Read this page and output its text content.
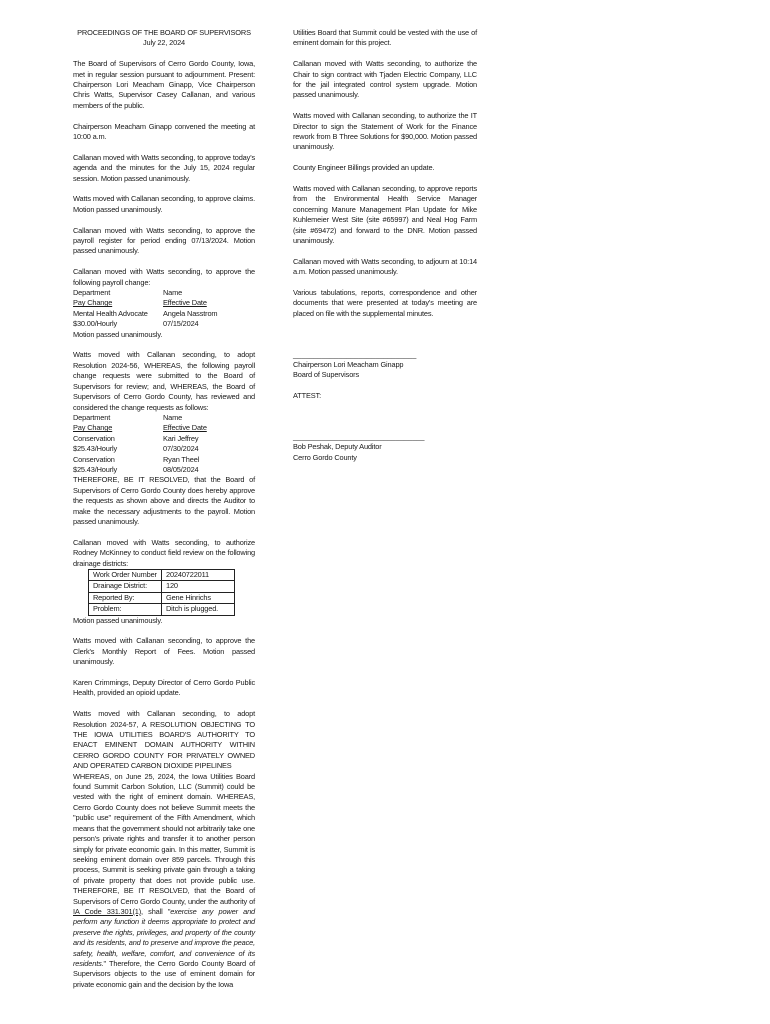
PROCEEDINGS OF THE BOARD OF SUPERVISORS
July 22, 2024

The Board of Supervisors of Cerro Gordo County, Iowa, met in regular session pursuant to adjournment. Present: Chairperson Lori Meacham Ginapp, Vice Chairperson Chris Watts, Supervisor Casey Callanan, and various members of the public.

Chairperson Meacham Ginapp convened the meeting at 10:00 a.m.

Callanan moved with Watts seconding, to approve today's agenda and the minutes for the July 15, 2024 regular session. Motion passed unanimously.

Watts moved with Callanan seconding, to approve claims. Motion passed unanimously.

Callanan moved with Watts seconding, to approve the payroll register for period ending 07/13/2024. Motion passed unanimously.

Callanan moved with Watts seconding, to approve the following payroll change:

Department	Name
Pay Change	Effective Date
Mental Health Advocate	Angela Nasstrom
$30.00/Hourly	07/15/2024

Motion passed unanimously.

Watts moved with Callanan seconding, to adopt Resolution 2024-56, WHEREAS, the following payroll change requests were submitted to the Board of Supervisors for review; and, WHEREAS, the Board of Supervisors of Cerro Gordo County, has reviewed and considered the change requests as follows:

Department	Name
Pay Change	Effective Date
Conservation	Kari Jeffrey
$25.43/Hourly	07/30/2024
Conservation	Ryan Theel
$25.43/Hourly	08/05/2024

THEREFORE, BE IT RESOLVED, that the Board of Supervisors of Cerro Gordo County does hereby approve the requests as shown above and directs the Auditor to make the necessary adjustments to the payroll. Motion passed unanimously.

Callanan moved with Watts seconding, to authorize Rodney McKinney to conduct field review on the following drainage districts:

Work Order Number	20240722011
Drainage District:	120
Reported By:	Gene Hinrichs
Problem:	Ditch is plugged.

Motion passed unanimously.

Watts moved with Callanan seconding, to approve the Clerk's Monthly Report of Fees. Motion passed unanimously.

Karen Crimmings, Deputy Director of Cerro Gordo Public Health, provided an opioid update.

Watts moved with Callanan seconding, to adopt Resolution 2024-57, A RESOLUTION OBJECTING TO THE IOWA UTILITIES BOARD'S AUTHORITY TO ENACT EMINENT DOMAIN AUTHORITY WITHIN CERRO GORDO COUNTY FOR PRIVATELY OWNED AND OPERATED CARBON DIOXIDE PIPELINES

WHEREAS, on June 25, 2024, the Iowa Utilities Board found Summit Carbon Solution, LLC (Summit) could be vested with the right of eminent domain. WHEREAS, Cerro Gordo County does not believe Summit meets the "public use" requirement of the Fifth Amendment, which means that the government should not arbitrarily take one person's private rights and transfer it to another person simply for private economic gain. In this matter, Summit is seeking eminent domain over 859 parcels. Through this process, Summit is seeking private gain through a taking of private property that does not provide public use. THEREFORE, BE IT RESOLVED, that the Board of Supervisors of Cerro Gordo County, under the authority of IA Code 331.301(1), shall "exercise any power and perform any function it deems appropriate to protect and preserve the rights, privileges, and property of the county and its residents, and to preserve and improve the peace, safety, health, welfare, comfort, and convenience of its residents." Therefore, the Cerro Gordo County Board of Supervisors objects to the use of eminent domain for private economic gain and the decision by the Iowa

Utilities Board that Summit could be vested with the use of eminent domain for this project.

Callanan moved with Watts seconding, to authorize the Chair to sign contract with Tjaden Electric Company, LLC for the jail integrated control system upgrade. Motion passed unanimously.

Watts moved with Callanan seconding, to authorize the IT Director to sign the Statement of Work for the Finance rework from B Three Solutions for $90,000. Motion passed unanimously.

County Engineer Billings provided an update.

Watts moved with Callanan seconding, to approve reports from the Environmental Health Service Manager concerning Manure Management Plan Update for Mike Kuhlemeier West Site (site #65997) and Neal Hog Farm (site #69472) and forward to the DNR. Motion passed unanimously.

Callanan moved with Watts seconding, to adjourn at 10:14 a.m. Motion passed unanimously.

Various tabulations, reports, correspondence and other documents that were presented at today's meeting are placed on file with the supplemental minutes.

______________________________
Chairperson Lori Meacham Ginapp
Board of Supervisors
ATTEST:
________________________________
Bob Peshak, Deputy Auditor
Cerro Gordo County
